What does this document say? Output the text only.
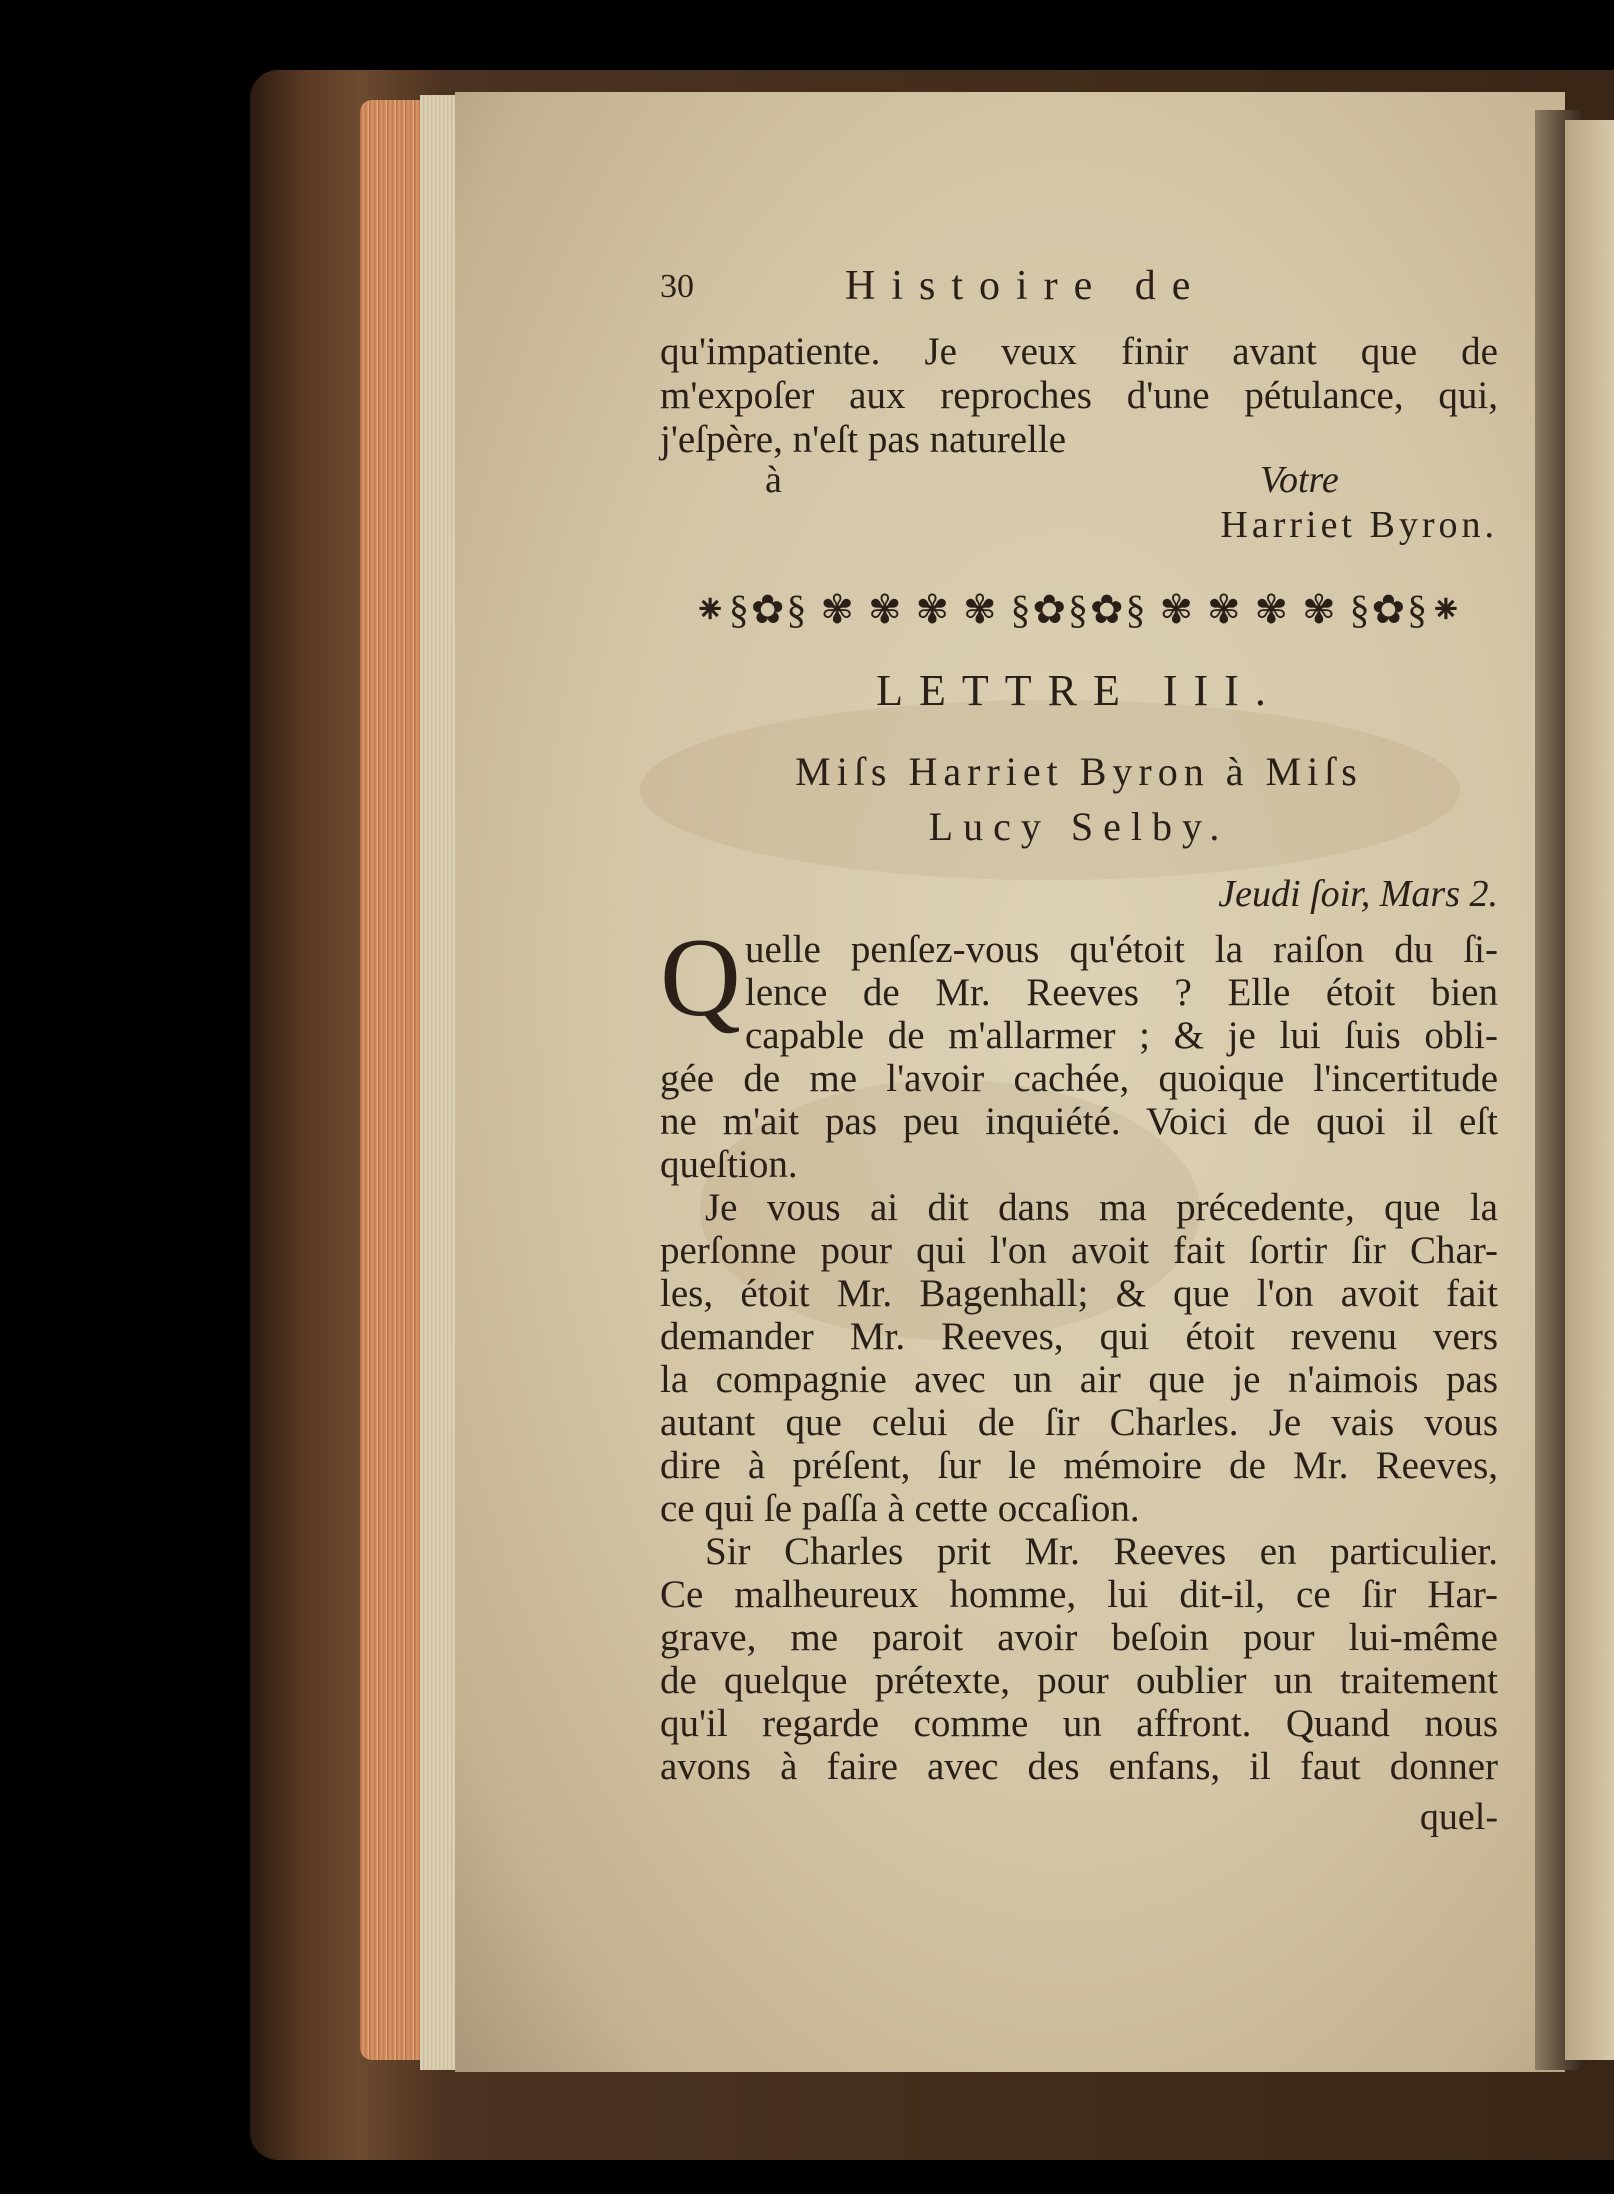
30	Histoire de
qu'impatiente. Je veux finir avant que de
m'expoſer aux reproches d'une pétulance, qui,
j'eſpère, n'eſt pas naturelle
à	Votre
Harriet Byron.
⁕§✿§ ✾ ✾ ✾ ✾ §✿§✿§ ✾ ✾ ✾ ✾ §✿§⁕
LETTRE III.
Miſs Harriet Byron à Miſs
Lucy Selby.
Jeudi ſoir, Mars 2.
Q uelle penſez-vous qu'étoit la raiſon du ſi-
lence de Mr. Reeves ? Elle étoit bien
capable de m'allarmer ; & je lui ſuis obli-
gée de me l'avoir cachée, quoique l'incertitude
ne m'ait pas peu inquiété. Voici de quoi il eſt
queſtion.
Je vous ai dit dans ma précedente, que la
perſonne pour qui l'on avoit fait ſortir ſir Char-
les, étoit Mr. Bagenhall; & que l'on avoit fait
demander Mr. Reeves, qui étoit revenu vers
la compagnie avec un air que je n'aimois pas
autant que celui de ſir Charles. Je vais vous
dire à préſent, ſur le mémoire de Mr. Reeves,
ce qui ſe paſſa à cette occaſion.
Sir Charles prit Mr. Reeves en particulier.
Ce malheureux homme, lui dit-il, ce ſir Har-
grave, me paroit avoir beſoin pour lui-même
de quelque prétexte, pour oublier un traitement
qu'il regarde comme un affront. Quand nous
avons à faire avec des enfans, il faut donner
quel-
